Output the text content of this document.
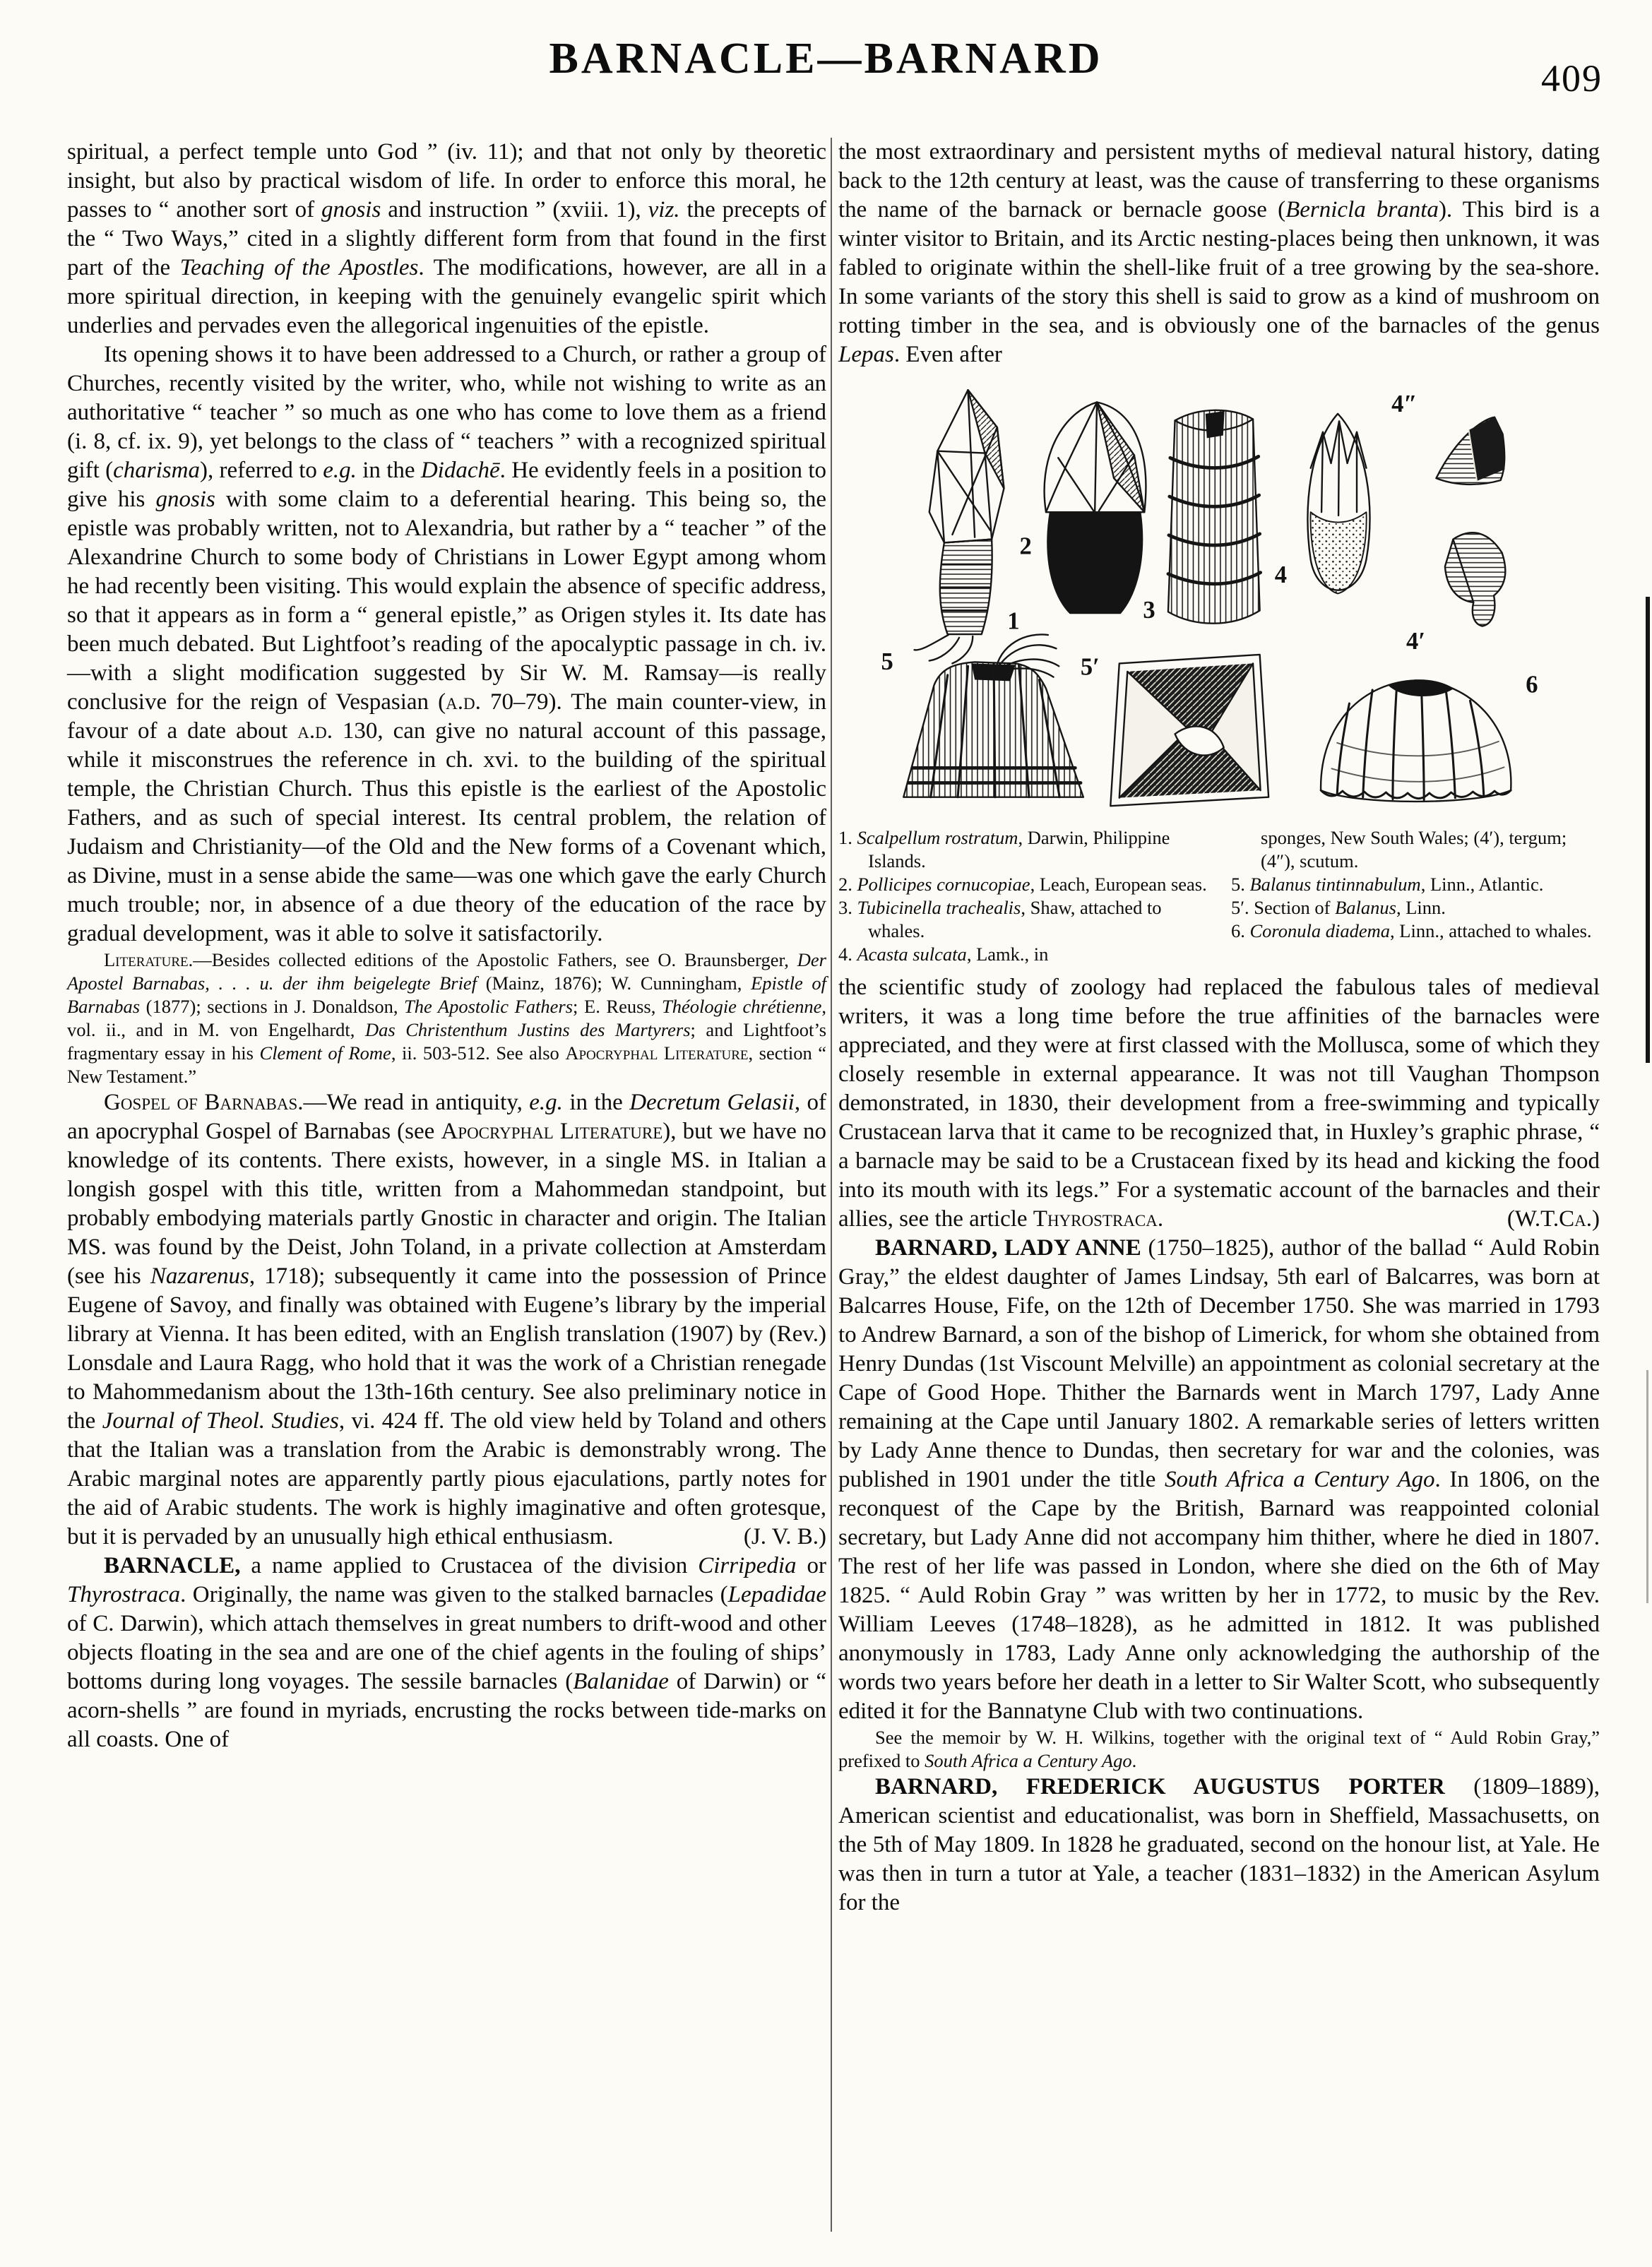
BARNACLE—BARNARD	409

spiritual, a perfect temple unto God ” (iv. 11); and that not only by theoretic insight, but also by practical wisdom of life. In order to enforce this moral, he passes to “ another sort of gnosis and instruction ” (xviii. 1), viz. the precepts of the “ Two Ways,” cited in a slightly different form from that found in the first part of the Teaching of the Apostles. The modifications, however, are all in a more spiritual direction, in keeping with the genuinely evangelic spirit which underlies and pervades even the allegorical ingenuities of the epistle.

Its opening shows it to have been addressed to a Church, or rather a group of Churches, recently visited by the writer, who, while not wishing to write as an authoritative “ teacher ” so much as one who has come to love them as a friend (i. 8, cf. ix. 9), yet belongs to the class of “ teachers ” with a recognized spiritual gift (charisma), referred to e.g. in the Didachē. He evidently feels in a position to give his gnosis with some claim to a deferential hearing. This being so, the epistle was probably written, not to Alexandria, but rather by a “ teacher ” of the Alexandrine Church to some body of Christians in Lower Egypt among whom he had recently been visiting. This would explain the absence of specific address, so that it appears as in form a “ general epistle,” as Origen styles it. Its date has been much debated. But Lightfoot’s reading of the apocalyptic passage in ch. iv.—with a slight modification suggested by Sir W. M. Ramsay—is really conclusive for the reign of Vespasian (a.d. 70–79). The main counter-view, in favour of a date about a.d. 130, can give no natural account of this passage, while it misconstrues the reference in ch. xvi. to the building of the spiritual temple, the Christian Church. Thus this epistle is the earliest of the Apostolic Fathers, and as such of special interest. Its central problem, the relation of Judaism and Christianity—of the Old and the New forms of a Covenant which, as Divine, must in a sense abide the same—was one which gave the early Church much trouble; nor, in absence of a due theory of the education of the race by gradual development, was it able to solve it satisfactorily.

Literature.—Besides collected editions of the Apostolic Fathers, see O. Braunsberger, Der Apostel Barnabas, . . . u. der ihm beigelegte Brief (Mainz, 1876); W. Cunningham, Epistle of Barnabas (1877); sections in J. Donaldson, The Apostolic Fathers; E. Reuss, Théologie chrétienne, vol. ii., and in M. von Engelhardt, Das Christenthum Justins des Martyrers; and Lightfoot’s fragmentary essay in his Clement of Rome, ii. 503-512. See also Apocryphal Literature, section “ New Testament.”

Gospel of Barnabas.—We read in antiquity, e.g. in the Decretum Gelasii, of an apocryphal Gospel of Barnabas (see Apocryphal Literature), but we have no knowledge of its contents. There exists, however, in a single MS. in Italian a longish gospel with this title, written from a Mahommedan standpoint, but probably embodying materials partly Gnostic in character and origin. The Italian MS. was found by the Deist, John Toland, in a private collection at Amsterdam (see his Nazarenus, 1718); subsequently it came into the possession of Prince Eugene of Savoy, and finally was obtained with Eugene’s library by the imperial library at Vienna. It has been edited, with an English translation (1907) by (Rev.) Lonsdale and Laura Ragg, who hold that it was the work of a Christian renegade to Mahommedanism about the 13th-16th century. See also preliminary notice in the Journal of Theol. Studies, vi. 424 ff. The old view held by Toland and others that the Italian was a translation from the Arabic is demonstrably wrong. The Arabic marginal notes are apparently partly pious ejaculations, partly notes for the aid of Arabic students. The work is highly imaginative and often grotesque, but it is pervaded by an unusually high ethical enthusiasm.	(J. V. B.)

BARNACLE, a name applied to Crustacea of the division Cirripedia or Thyrostraca. Originally, the name was given to the stalked barnacles (Lepadidae of C. Darwin), which attach themselves in great numbers to drift-wood and other objects floating in the sea and are one of the chief agents in the fouling of ships’ bottoms during long voyages. The sessile barnacles (Balanidae of Darwin) or “ acorn-shells ” are found in myriads, encrusting the rocks between tide-marks on all coasts. One of

the most extraordinary and persistent myths of medieval natural history, dating back to the 12th century at least, was the cause of transferring to these organisms the name of the barnack or bernacle goose (Bernicla branta). This bird is a winter visitor to Britain, and its Arctic nesting-places being then unknown, it was fabled to originate within the shell-like fruit of a tree growing by the sea-shore. In some variants of the story this shell is said to grow as a kind of mushroom on rotting timber in the sea, and is obviously one of the barnacles of the genus Lepas. Even after

1
2
3
4
4″
4′
5	5′
6

1. Scalpellum rostratum, Darwin, Philippine Islands.

2. Pollicipes cornucopiae, Leach, European seas.

3. Tubicinella trachealis, Shaw, attached to whales.

4. Acasta sulcata, Lamk., in

sponges, New South Wales; (4′), tergum; (4″), scutum.

5. Balanus tintinnabulum, Linn., Atlantic.

5′. Section of Balanus, Linn.

6. Coronula diadema, Linn., attached to whales.

the scientific study of zoology had replaced the fabulous tales of medieval writers, it was a long time before the true affinities of the barnacles were appreciated, and they were at first classed with the Mollusca, some of which they closely resemble in external appearance. It was not till Vaughan Thompson demonstrated, in 1830, their development from a free-swimming and typically Crustacean larva that it came to be recognized that, in Huxley’s graphic phrase, “ a barnacle may be said to be a Crustacean fixed by its head and kicking the food into its mouth with its legs.” For a systematic account of the barnacles and their allies, see the article Thyrostraca.	(W.T.Ca.)

BARNARD, LADY ANNE (1750–1825), author of the ballad “ Auld Robin Gray,” the eldest daughter of James Lindsay, 5th earl of Balcarres, was born at Balcarres House, Fife, on the 12th of December 1750. She was married in 1793 to Andrew Barnard, a son of the bishop of Limerick, for whom she obtained from Henry Dundas (1st Viscount Melville) an appointment as colonial secretary at the Cape of Good Hope. Thither the Barnards went in March 1797, Lady Anne remaining at the Cape until January 1802. A remarkable series of letters written by Lady Anne thence to Dundas, then secretary for war and the colonies, was published in 1901 under the title South Africa a Century Ago. In 1806, on the reconquest of the Cape by the British, Barnard was reappointed colonial secretary, but Lady Anne did not accompany him thither, where he died in 1807. The rest of her life was passed in London, where she died on the 6th of May 1825. “ Auld Robin Gray ” was written by her in 1772, to music by the Rev. William Leeves (1748–1828), as he admitted in 1812. It was published anonymously in 1783, Lady Anne only acknowledging the authorship of the words two years before her death in a letter to Sir Walter Scott, who subsequently edited it for the Bannatyne Club with two continuations.

See the memoir by W. H. Wilkins, together with the original text of “ Auld Robin Gray,” prefixed to South Africa a Century Ago.

BARNARD, FREDERICK AUGUSTUS PORTER (1809–1889), American scientist and educationalist, was born in Sheffield, Massachusetts, on the 5th of May 1809. In 1828 he graduated, second on the honour list, at Yale. He was then in turn a tutor at Yale, a teacher (1831–1832) in the American Asylum for the
